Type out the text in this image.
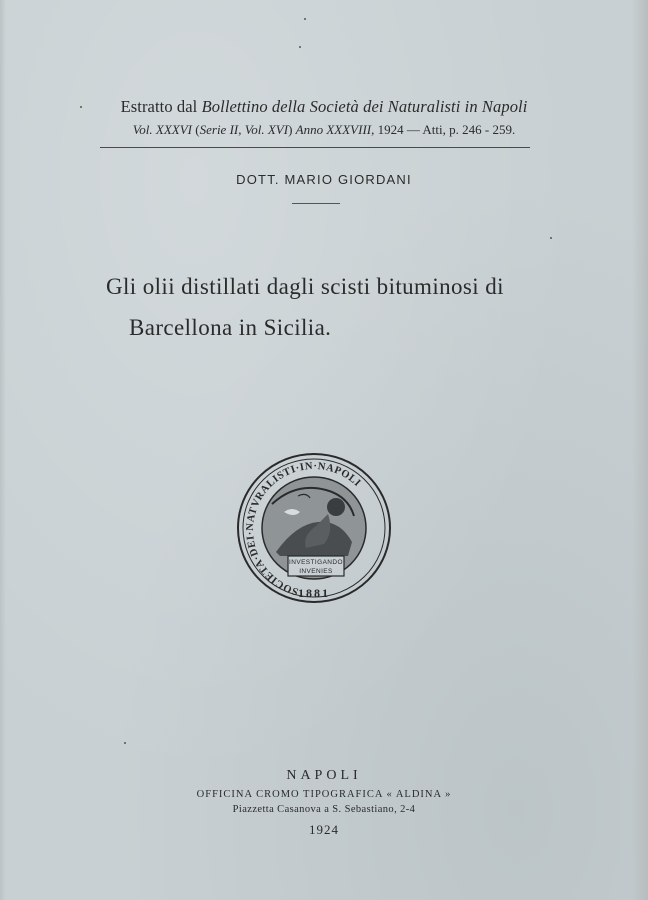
Estratto dal Bollettino della Società dei Naturalisti in Napoli
Vol. XXXVI (Serie II, Vol. XVI) Anno XXXVIII, 1924 — Atti, p. 246 - 259.
DOTT. MARIO GIORDANI
Gli olii distillati dagli scisti bituminosi di
Barcellona in Sicilia.
SOCIETA·DEI·NATVRALISTI·IN·NAPOLI
INVESTIGANDO
INVENIES
1881
NAPOLI
OFFICINA CROMO TIPOGRAFICA « ALDINA »
Piazzetta Casanova a S. Sebastiano, 2-4
1924
